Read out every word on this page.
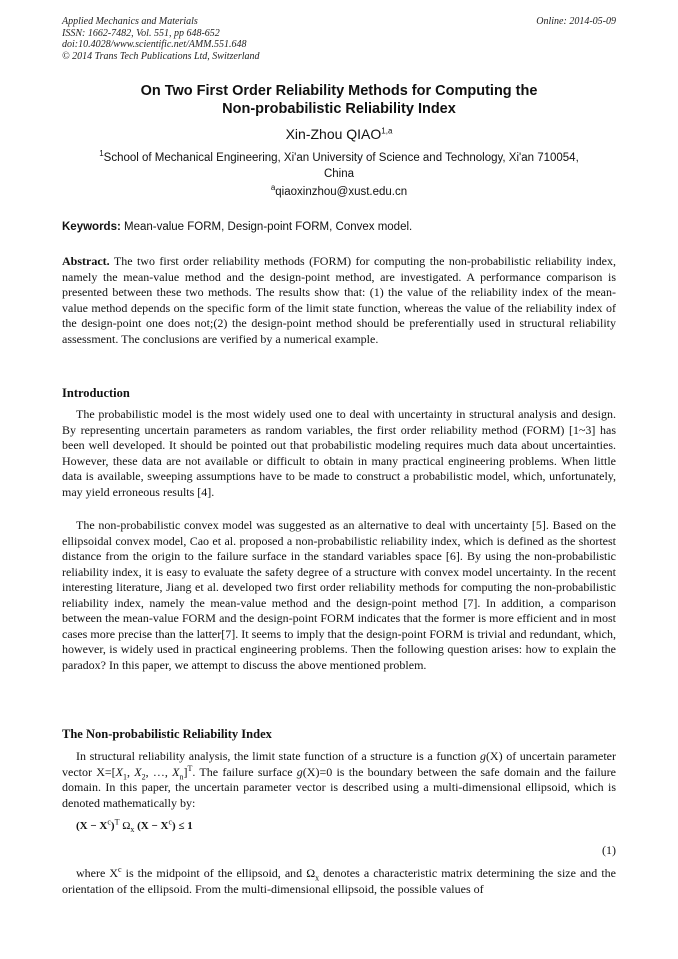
Applied Mechanics and Materials
ISSN: 1662-7482, Vol. 551, pp 648-652
doi:10.4028/www.scientific.net/AMM.551.648
© 2014 Trans Tech Publications Ltd, Switzerland
Online: 2014-05-09
On Two First Order Reliability Methods for Computing the
Non-probabilistic Reliability Index
Xin-Zhou QIAO$^{1,a}$
$^1$School of Mechanical Engineering, Xi'an University of Science and Technology, Xi'an 710054,
China
$^a$qiaoxinzhou@xust.edu.cn
Keywords: Mean-value FORM, Design-point FORM, Convex model.

Abstract. The two first order reliability methods (FORM) for computing the non-probabilistic reliability index, namely the mean-value method and the design-point method, are investigated. A performance comparison is presented between these two methods. The results show that: (1) the value of the reliability index of the mean-value method depends on the specific form of the limit state function, whereas the value of the reliability index of the design-point one does not;(2) the design-point method should be preferentially used in structural reliability assessment. The conclusions are verified by a numerical example.

Introduction

The probabilistic model is the most widely used one to deal with uncertainty in structural analysis and design. By representing uncertain parameters as random variables, the first order reliability method (FORM) [1~3] has been well developed. It should be pointed out that probabilistic modeling requires much data about uncertainties. However, these data are not available or difficult to obtain in many practical engineering problems. When little data is available, sweeping assumptions have to be made to construct a probabilistic model, which, unfortunately, may yield erroneous results [4].

The non-probabilistic convex model was suggested as an alternative to deal with uncertainty [5]. Based on the ellipsoidal convex model, Cao et al. proposed a non-probabilistic reliability index, which is defined as the shortest distance from the origin to the failure surface in the standard variables space [6]. By using the non-probabilistic reliability index, it is easy to evaluate the safety degree of a structure with convex model uncertainty. In the recent interesting literature, Jiang et al. developed two first order reliability methods for computing the non-probabilistic reliability index, namely the mean-value method and the design-point method [7]. In addition, a comparison between the mean-value FORM and the design-point FORM indicates that the former is more efficient and in most cases more precise than the latter[7]. It seems to imply that the design-point FORM is trivial and redundant, which, however, is widely used in practical engineering problems. Then the following question arises: how to explain the paradox? In this paper, we attempt to discuss the above mentioned problem.

The Non-probabilistic Reliability Index

In structural reliability analysis, the limit state function of a structure is a function g(X) of uncertain parameter vector $X=[X_1$, $X_2$, …, $X_n]^T$. The failure surface g(X)=0 is the boundary between the safe domain and the failure domain. In this paper, the uncertain parameter vector is described using a multi-dimensional ellipsoid, which is denoted mathematically by:

$(X - X^c)^T$ $\Omega_x$ $(X - X^c) \le 1$
(1)

where $X^c$ is the midpoint of the ellipsoid, and $\Omega_x$ denotes a characteristic matrix determining the size and the orientation of the ellipsoid. From the multi-dimensional ellipsoid, the possible values of
